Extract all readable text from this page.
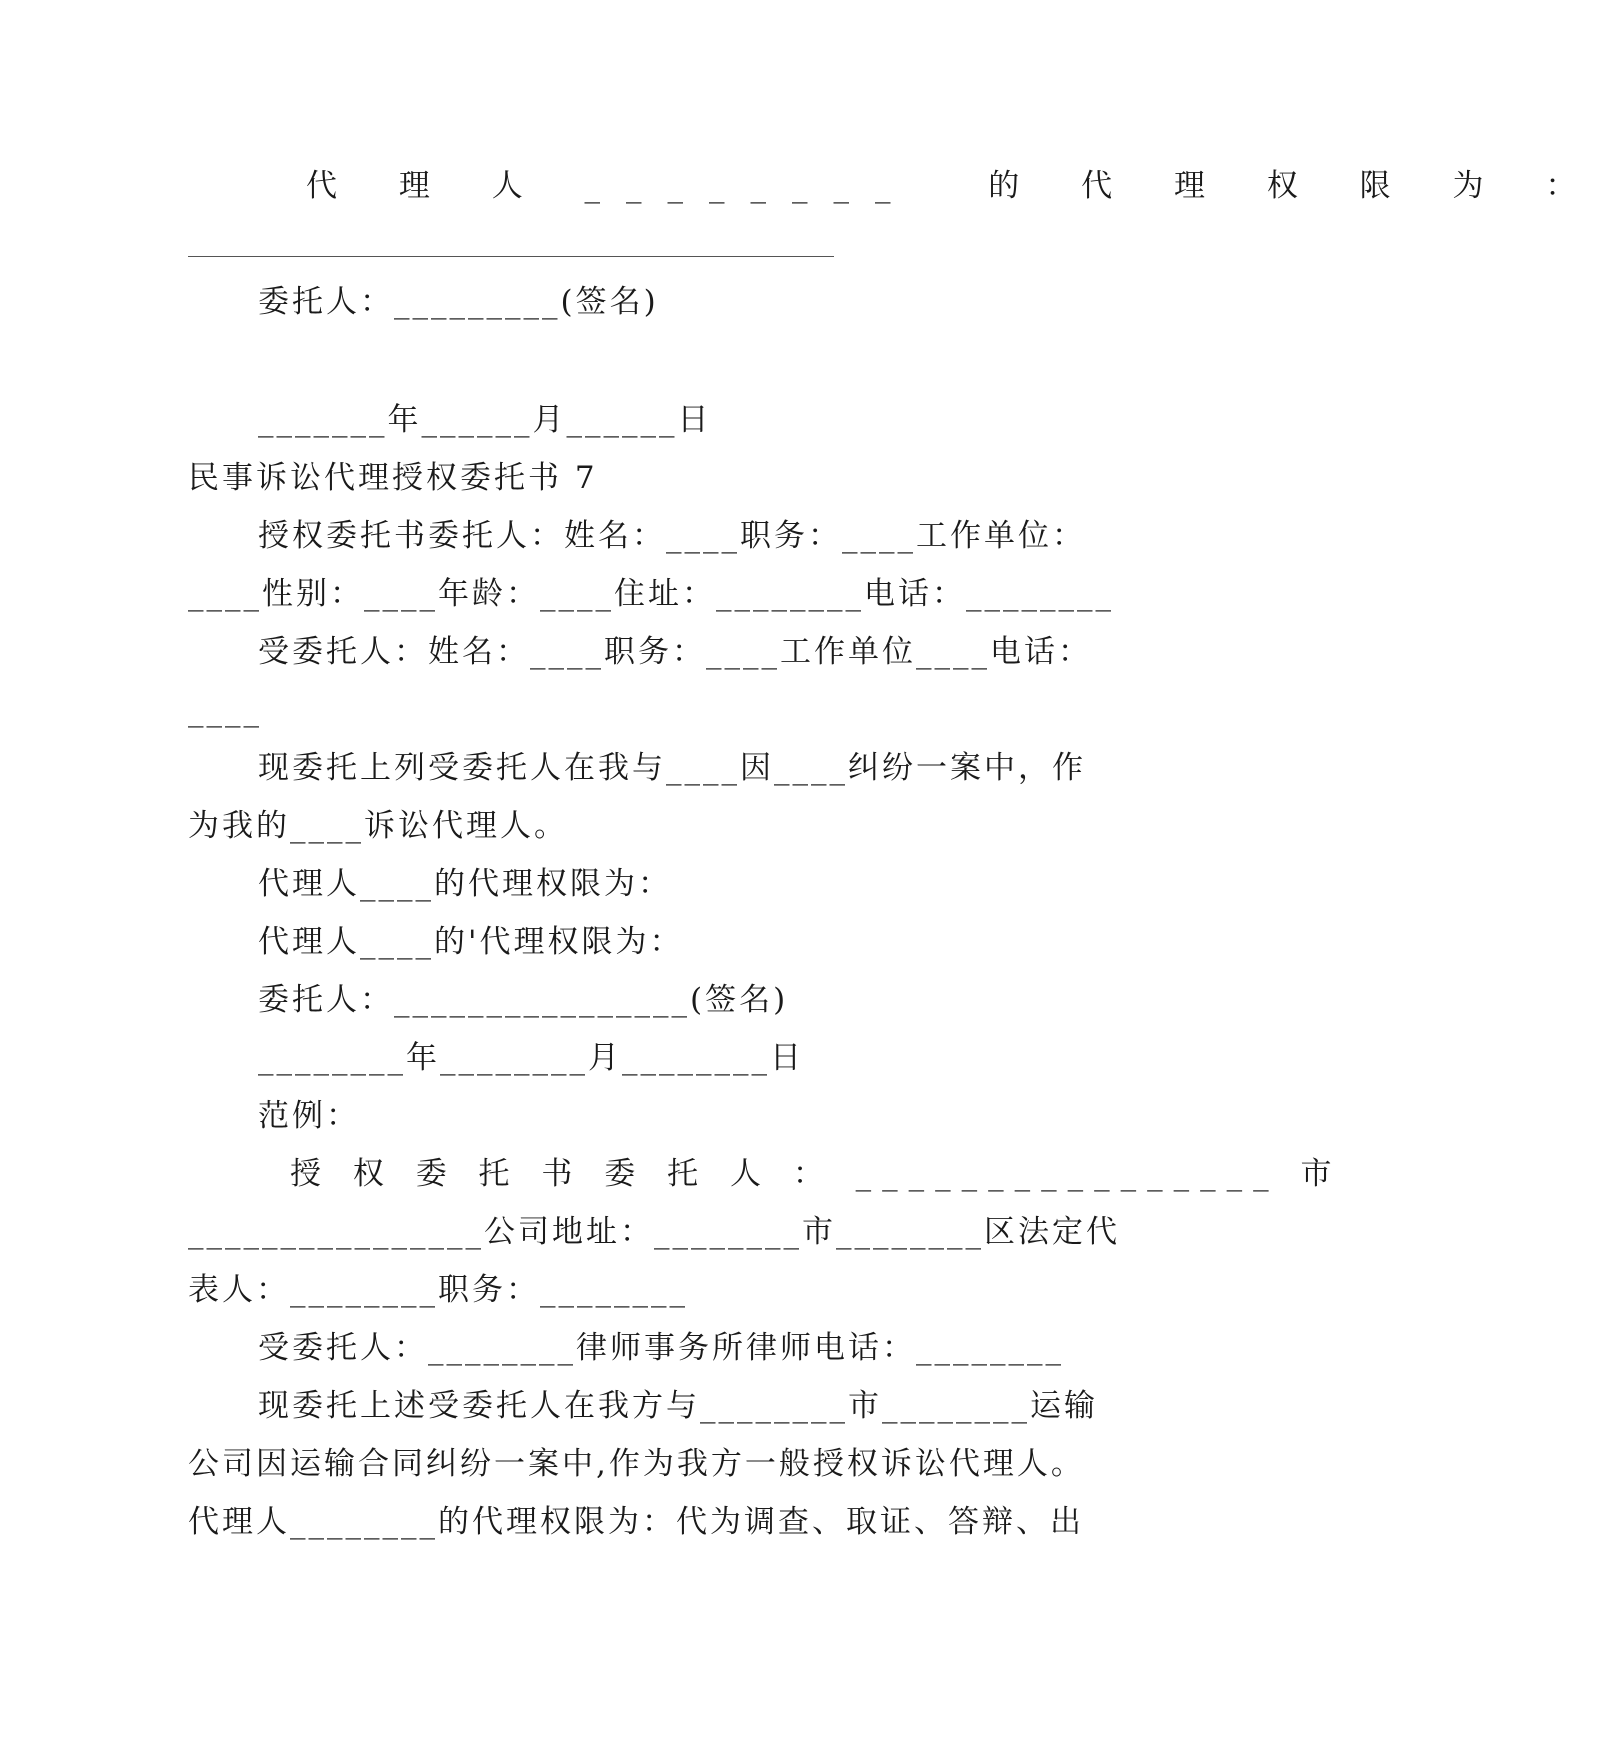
代 理 人 ________  的 代 理 权 限 为 ：
委托人：_________(签名)
_______年______月______日
民事诉讼代理授权委托书 7
授权委托书委托人：姓名：____职务：____工作单位：
____性别：____年龄：____住址：________电话：________
受委托人：姓名：____职务：____工作单位____电话：
____
现委托上列受委托人在我与____因____纠纷一案中，作
为我的____诉讼代理人。
代理人____的代理权限为：
代理人____的'代理权限为：
委托人：________________(签名)
________年________月________日
范例：
授 权 委 托 书 委 托 人 ： ________________ 市
________________公司地址：________市________区法定代
表人：________职务：________
受委托人：________律师事务所律师电话：________
现委托上述受委托人在我方与________市________运输
公司因运输合同纠纷一案中,作为我方一般授权诉讼代理人。
代理人________的代理权限为：代为调查、取证、答辩、出
